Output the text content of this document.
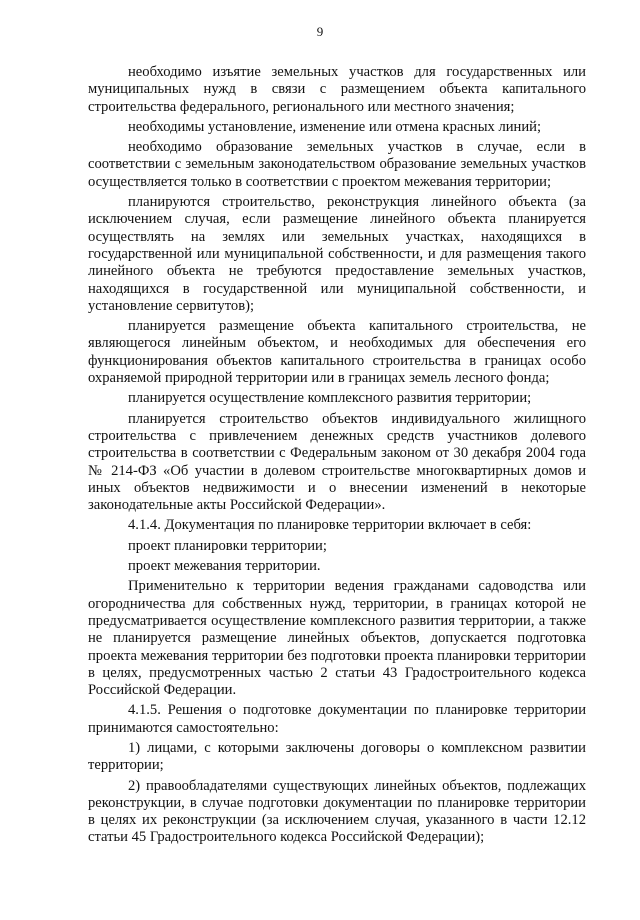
9

необходимо изъятие земельных участков для государственных или муниципальных нужд в связи с размещением объекта капитального строительства федерального, регионального или местного значения;

необходимы установление, изменение или отмена красных линий;

необходимо образование земельных участков в случае, если в соответствии с земельным законодательством образование земельных участков осуществляется только в соответствии с проектом межевания территории;

планируются строительство, реконструкция линейного объекта (за исключением случая, если размещение линейного объекта планируется осуществлять на землях или земельных участках, находящихся в государственной или муниципальной собственности, и для размещения такого линейного объекта не требуются предоставление земельных участков, находящихся в государственной или муниципальной собственности, и установление сервитутов);

планируется размещение объекта капитального строительства, не являющегося линейным объектом, и необходимых для обеспечения его функционирования объектов капитального строительства в границах особо охраняемой природной территории или в границах земель лесного фонда;

планируется осуществление комплексного развития территории;

планируется строительство объектов индивидуального жилищного строительства с привлечением денежных средств участников долевого строительства в соответствии с Федеральным законом от 30 декабря 2004 года № 214-ФЗ «Об участии в долевом строительстве многоквартирных домов и иных объектов недвижимости и о внесении изменений в некоторые законодательные акты Российской Федерации».

4.1.4. Документация по планировке территории включает в себя:

проект планировки территории;

проект межевания территории.

Применительно к территории ведения гражданами садоводства или огородничества для собственных нужд, территории, в границах которой не предусматривается осуществление комплексного развития территории, а также не планируется размещение линейных объектов, допускается подготовка проекта межевания территории без подготовки проекта планировки территории в целях, предусмотренных частью 2 статьи 43 Градостроительного кодекса Российской Федерации.

4.1.5. Решения о подготовке документации по планировке территории принимаются самостоятельно:

1) лицами, с которыми заключены договоры о комплексном развитии территории;

2) правообладателями существующих линейных объектов, подлежащих реконструкции, в случае подготовки документации по планировке территории в целях их реконструкции (за исключением случая, указанного в части 12.12 статьи 45 Градостроительного кодекса Российской Федерации);
